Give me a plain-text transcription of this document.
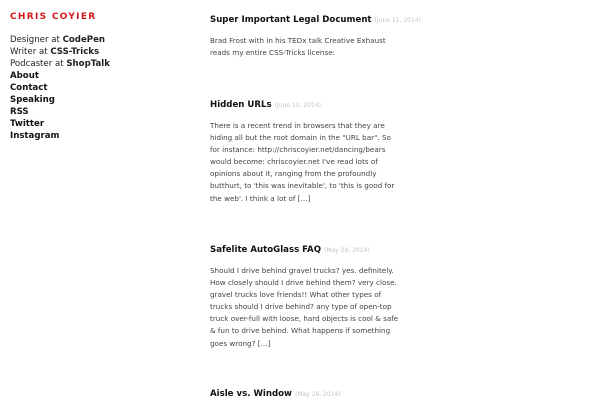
CHRIS COYIER
Designer at CodePen
Writer at CSS-Tricks
Podcaster at ShopTalk
About
Contact
Speaking
RSS
Twitter
Instagram
Super Important Legal Document (June 11, 2014)
Brad Frost with in his TEDx talk Creative Exhaust reads my entire CSS-Tricks license:
Hidden URLs (June 10, 2014)
There is a recent trend in browsers that they are hiding all but the root domain in the "URL bar". So for instance: http://chriscoyier.net/dancing/bears would become: chriscoyier.net I've read lots of opinions about it, ranging from the profoundly butthurt, to 'this was inevitable', to 'this is good for the web'. I think a lot of […]
Safelite AutoGlass FAQ (May 28, 2014)
Should I drive behind gravel trucks? yes. definitely. How closely should I drive behind them? very close. gravel trucks love friends!! What other types of trucks should I drive behind? any type of open-top truck over-full with loose, hard objects is cool & safe & fun to drive behind. What happens if something goes wrong? […]
Aisle vs. Window (May 26, 2014)
